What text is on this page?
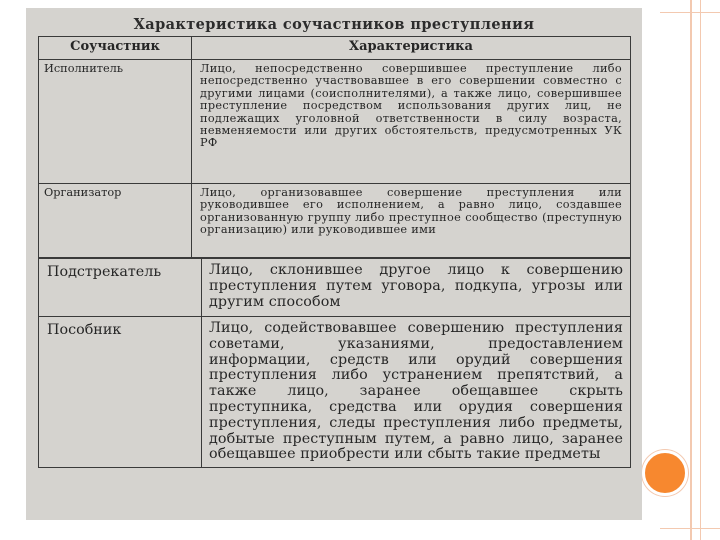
Характеристика соучастников преступления
Соучастник	Характеристика
Исполнитель	Лицо, непосредственно совершившее преступление либо непосредственно участвовавшее в его совершении совместно с другими лицами (соисполнителями), а также лицо, совершившее преступление посредством использования других лиц, не подлежащих уголовной ответственности в силу возраста, невменяемости или других обстоятельств, предусмотренных УК РФ
Организатор	Лицо, организовавшее совершение преступления или руководившее его исполнением, а равно лицо, создавшее организованную группу либо преступное сообщество (преступную организацию) или руководившее ими
Подстрекатель	Лицо, склонившее другое лицо к совершению преступления путем уговора, подкупа, угрозы или другим способом
Пособник	Лицо, содействовавшее совершению преступления советами, указаниями, предоставлением информации, средств или орудий совершения преступления либо устранением препятствий, а также лицо, заранее обещавшее скрыть преступника, средства или орудия совершения преступления, следы преступления либо предметы, добытые преступным путем, а равно лицо, заранее обещавшее приобрести или сбыть такие предметы
